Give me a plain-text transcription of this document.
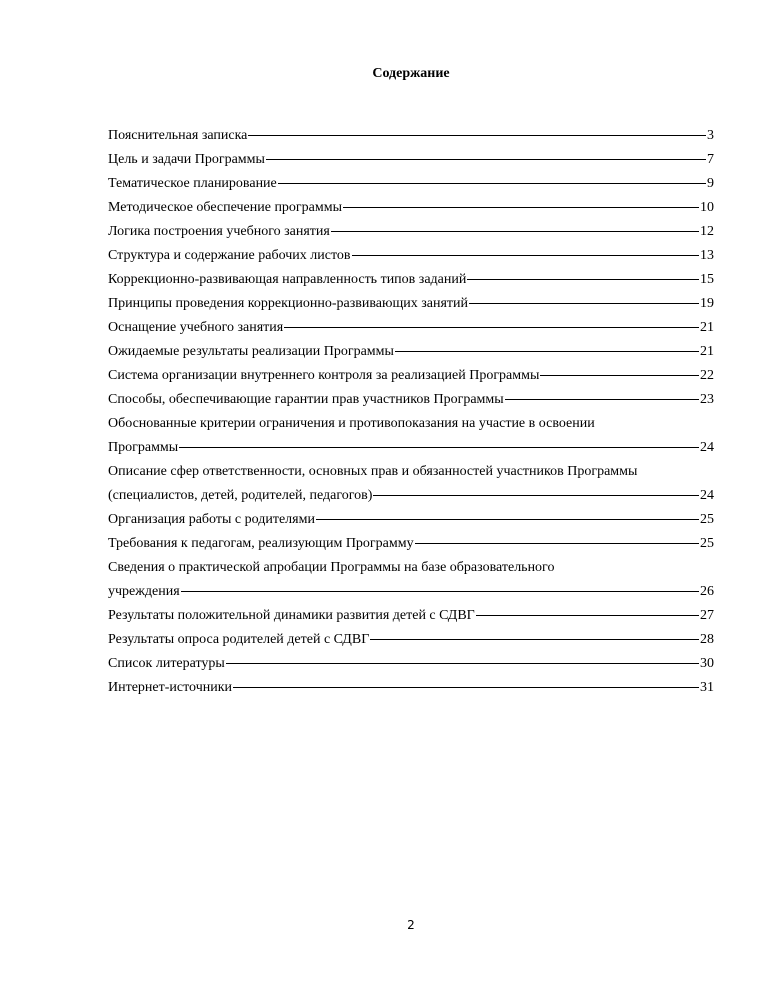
Содержание
Пояснительная записка	3
Цель и задачи Программы	7
Тематическое планирование	9
Методическое обеспечение программы	10
Логика построения учебного занятия	12
Структура и содержание рабочих листов	13
Коррекционно-развивающая направленность типов заданий	15
Принципы проведения коррекционно-развивающих занятий	19
Оснащение учебного занятия	21
Ожидаемые результаты реализации Программы	21
Система организации внутреннего контроля за реализацией Программы	22
Способы, обеспечивающие гарантии прав участников Программы	23
Обоснованные критерии ограничения и противопоказания на участие в освоении
Программы	24
Описание сфер ответственности, основных прав и обязанностей участников Программы
(специалистов, детей, родителей, педагогов)	24
Организация работы с родителями	25
Требования к педагогам, реализующим Программу	25
Сведения о практической апробации Программы на базе образовательного
учреждения	26
Результаты положительной динамики развития детей с СДВГ	27
Результаты опроса родителей детей с СДВГ	28
Список литературы	30
Интернет-источники	31
2
